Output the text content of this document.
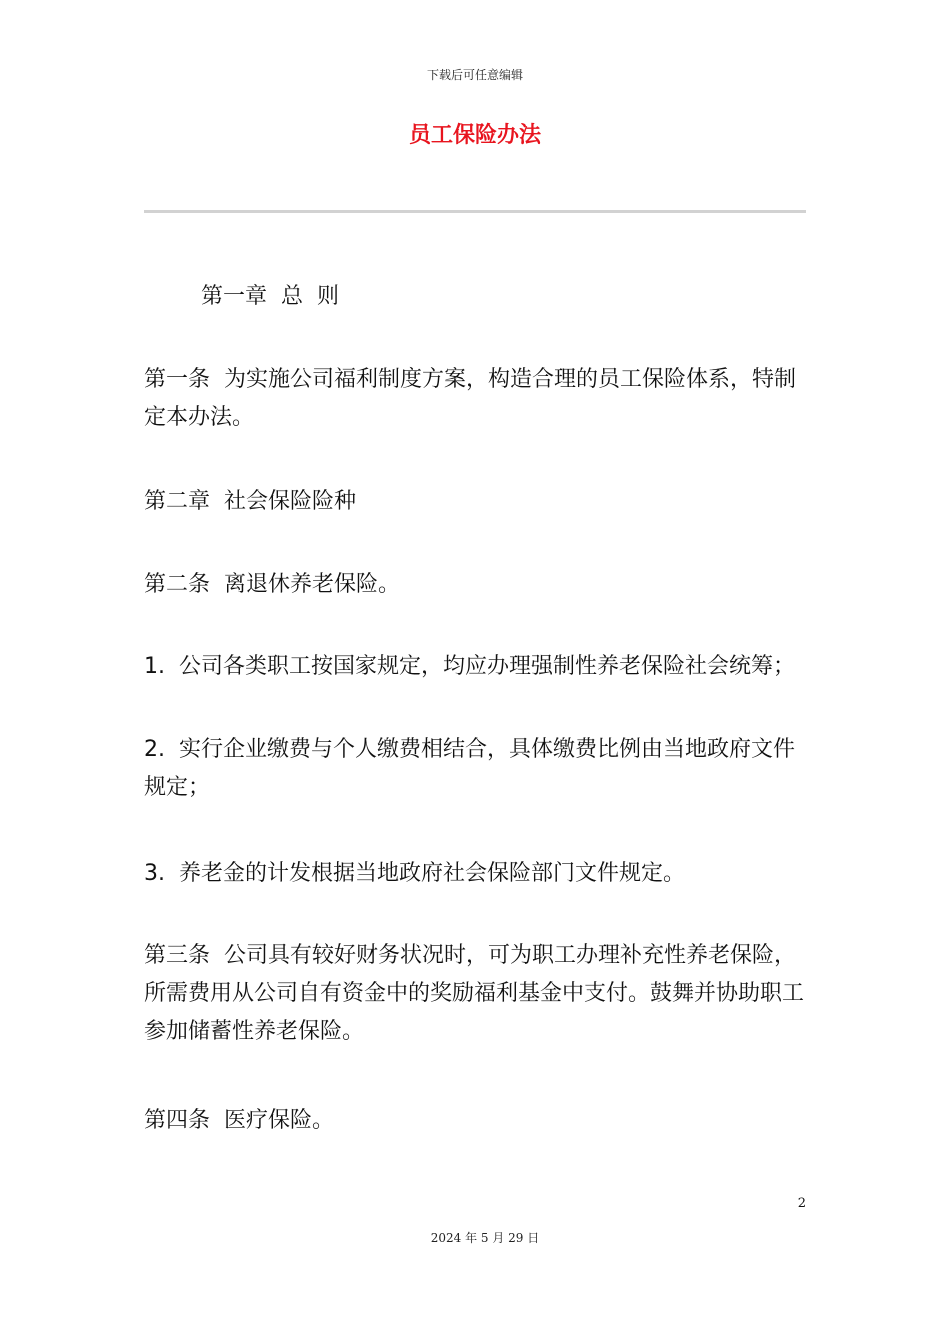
下载后可任意编辑
员工保险办法
第一章  总  则
第一条  为实施公司福利制度方案，构造合理的员工保险体系，特制定本办法。
第二章  社会保险险种
第二条  离退休养老保险。
1.  公司各类职工按国家规定，均应办理强制性养老保险社会统筹；
2.  实行企业缴费与个人缴费相结合，具体缴费比例由当地政府文件规定；
3.  养老金的计发根据当地政府社会保险部门文件规定。
第三条  公司具有较好财务状况时，可为职工办理补充性养老保险，所需费用从公司自有资金中的奖励福利基金中支付。鼓舞并协助职工参加储蓄性养老保险。
第四条  医疗保险。
2
2024 年 5 月 29 日
